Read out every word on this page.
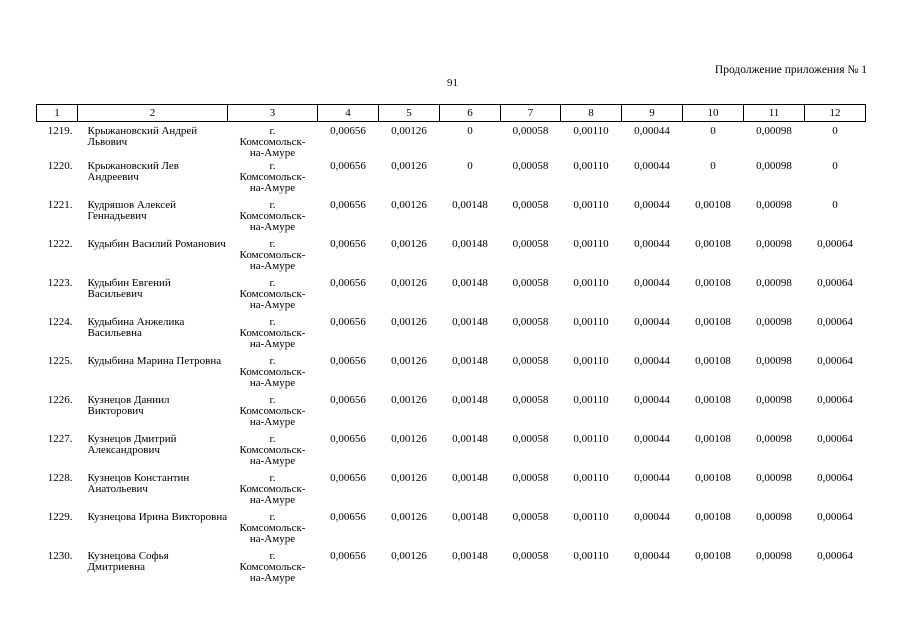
Продолжение приложения № 1
91
1	2	3	4	5	6	7	8	9	10	11	12
1219.	Крыжановский Андрей Львович	г.
Комсомольск-
на-Амуре	0,00656	0,00126	0	0,00058	0,00110	0,00044	0	0,00098	0
1220.	Крыжановский Лев Андреевич	г.
Комсомольск-
на-Амуре	0,00656	0,00126	0	0,00058	0,00110	0,00044	0	0,00098	0
1221.	Кудряшов Алексей Геннадьевич	г.
Комсомольск-
на-Амуре	0,00656	0,00126	0,00148	0,00058	0,00110	0,00044	0,00108	0,00098	0
1222.	Кудыбин Василий Романович	г.
Комсомольск-
на-Амуре	0,00656	0,00126	0,00148	0,00058	0,00110	0,00044	0,00108	0,00098	0,00064
1223.	Кудыбин Евгений Васильевич	г.
Комсомольск-
на-Амуре	0,00656	0,00126	0,00148	0,00058	0,00110	0,00044	0,00108	0,00098	0,00064
1224.	Кудыбина Анжелика Васильевна	г.
Комсомольск-
на-Амуре	0,00656	0,00126	0,00148	0,00058	0,00110	0,00044	0,00108	0,00098	0,00064
1225.	Кудыбина Марина Петровна	г.
Комсомольск-
на-Амуре	0,00656	0,00126	0,00148	0,00058	0,00110	0,00044	0,00108	0,00098	0,00064
1226.	Кузнецов Даниил Викторович	г.
Комсомольск-
на-Амуре	0,00656	0,00126	0,00148	0,00058	0,00110	0,00044	0,00108	0,00098	0,00064
1227.	Кузнецов Дмитрий Александрович	г.
Комсомольск-
на-Амуре	0,00656	0,00126	0,00148	0,00058	0,00110	0,00044	0,00108	0,00098	0,00064
1228.	Кузнецов Константин Анатольевич	г.
Комсомольск-
на-Амуре	0,00656	0,00126	0,00148	0,00058	0,00110	0,00044	0,00108	0,00098	0,00064
1229.	Кузнецова Ирина Викторовна	г.
Комсомольск-
на-Амуре	0,00656	0,00126	0,00148	0,00058	0,00110	0,00044	0,00108	0,00098	0,00064
1230.	Кузнецова Софья Дмитриевна	г.
Комсомольск-
на-Амуре	0,00656	0,00126	0,00148	0,00058	0,00110	0,00044	0,00108	0,00098	0,00064
